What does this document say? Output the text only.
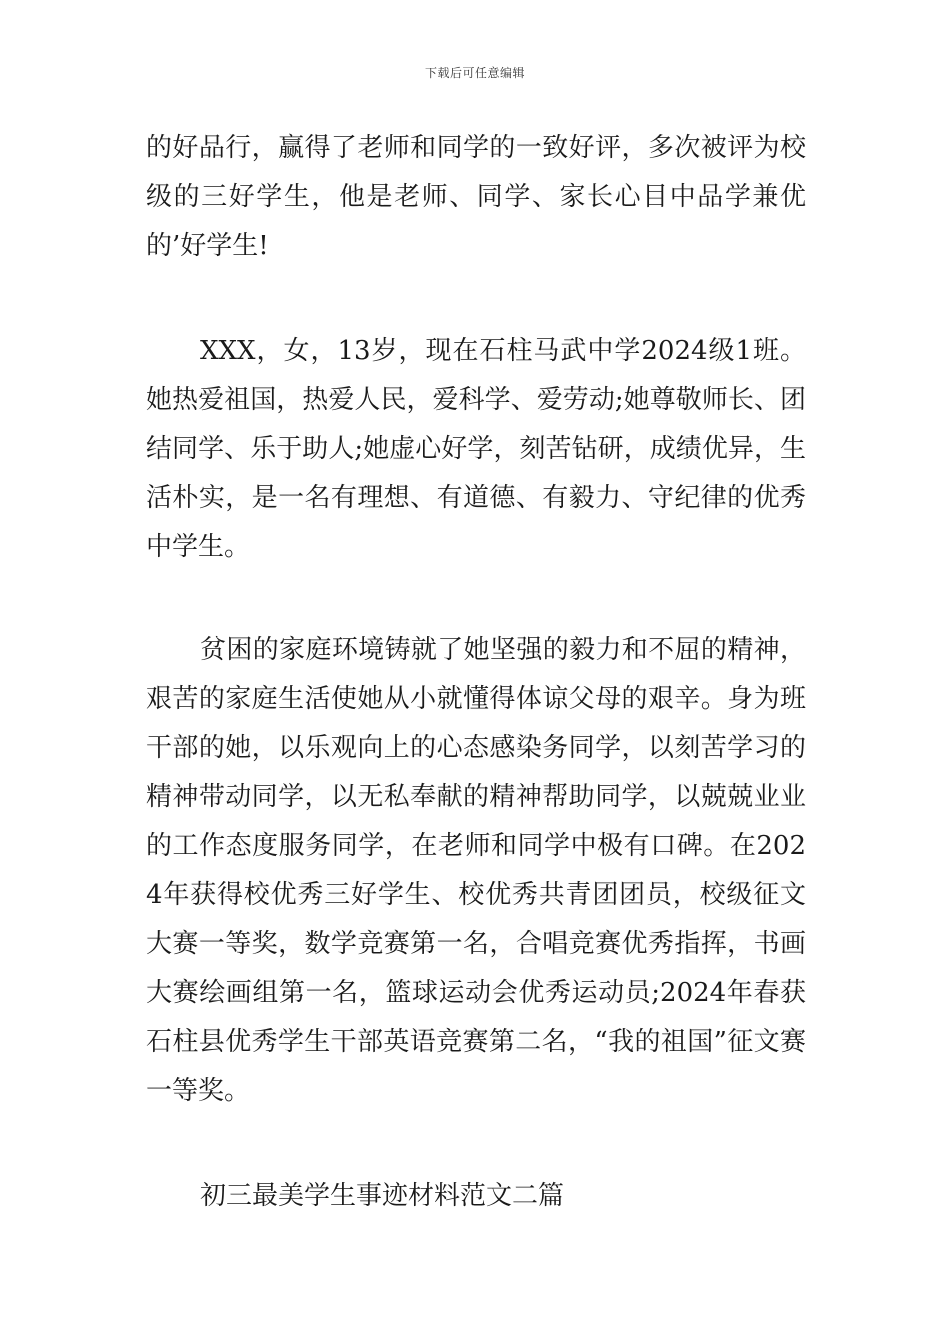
下载后可任意编辑

的好品行，赢得了老师和同学的一致好评，多次被评为校级的三好学生，他是老师、同学、家长心目中品学兼优的’好学生!

XXX，女，13岁，现在石柱马武中学2024级1班。她热爱祖国，热爱人民，爱科学、爱劳动;她尊敬师长、团结同学、乐于助人;她虚心好学，刻苦钻研，成绩优异，生活朴实，是一名有理想、有道德、有毅力、守纪律的优秀中学生。

贫困的家庭环境铸就了她坚强的毅力和不屈的精神，艰苦的家庭生活使她从小就懂得体谅父母的艰辛。身为班干部的她，以乐观向上的心态感染务同学，以刻苦学习的精神带动同学，以无私奉献的精神帮助同学，以兢兢业业的工作态度服务同学，在老师和同学中极有口碑。在2024年获得校优秀三好学生、校优秀共青团团员，校级征文大赛一等奖，数学竞赛第一名，合唱竞赛优秀指挥，书画大赛绘画组第一名，篮球运动会优秀运动员;2024年春获石柱县优秀学生干部英语竞赛第二名，“我的祖国”征文赛一等奖。

初三最美学生事迹材料范文二篇
